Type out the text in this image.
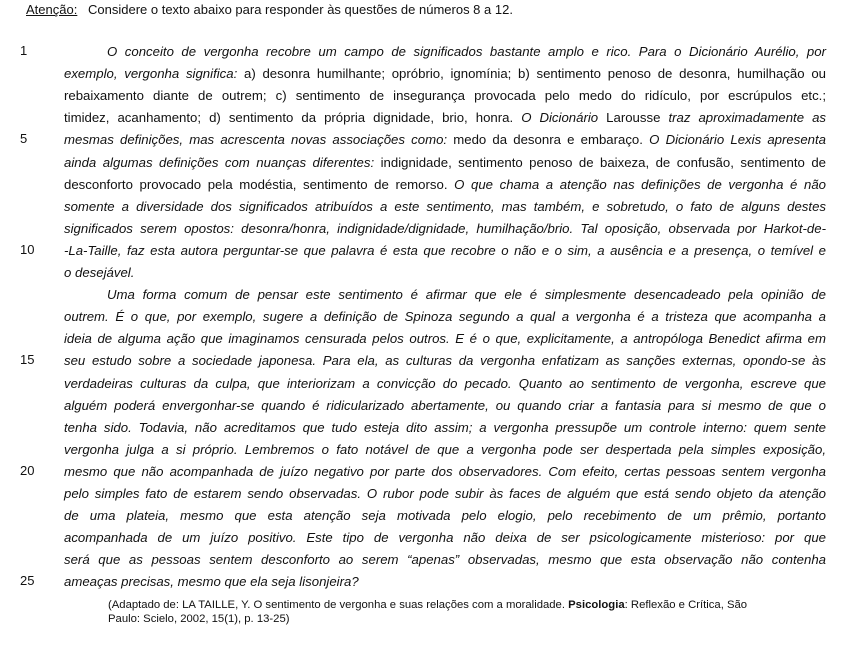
Atenção: Considere o texto abaixo para responder às questões de números 8 a 12.
1
5
10
15
20
25
O conceito de vergonha recobre um campo de significados bastante amplo e rico. Para o Dicionário Aurélio, por
exemplo, vergonha significa: a) desonra humilhante; opróbrio, ignomínia; b) sentimento penoso de desonra, humilhação ou
rebaixamento diante de outrem; c) sentimento de insegurança provocada pelo medo do ridículo, por escrúpulos etc.;
timidez, acanhamento; d) sentimento da própria dignidade, brio, honra. O Dicionário Larousse traz aproximadamente as
mesmas definições, mas acrescenta novas associações como: medo da desonra e embaraço. O Dicionário Lexis apresenta
ainda algumas definições com nuanças diferentes: indignidade, sentimento penoso de baixeza, de confusão, sentimento de
desconforto provocado pela modéstia, sentimento de remorso. O que chama a atenção nas definições de vergonha é não
somente a diversidade dos significados atribuídos a este sentimento, mas também, e sobretudo, o fato de alguns destes
significados serem opostos: desonra/honra, indignidade/dignidade, humilhação/brio. Tal oposição, observada por Harkot-de-
-La-Taille, faz esta autora perguntar-se que palavra é esta que recobre o não e o sim, a ausência e a presença, o temível e
o desejável.
Uma forma comum de pensar este sentimento é afirmar que ele é simplesmente desencadeado pela opinião de
outrem. É o que, por exemplo, sugere a definição de Spinoza segundo a qual a vergonha é a tristeza que acompanha a
ideia de alguma ação que imaginamos censurada pelos outros. E é o que, explicitamente, a antropóloga Benedict afirma em
seu estudo sobre a sociedade japonesa. Para ela, as culturas da vergonha enfatizam as sanções externas, opondo-se às
verdadeiras culturas da culpa, que interiorizam a convicção do pecado. Quanto ao sentimento de vergonha, escreve que
alguém poderá envergonhar-se quando é ridicularizado abertamente, ou quando criar a fantasia para si mesmo de que o
tenha sido. Todavia, não acreditamos que tudo esteja dito assim; a vergonha pressupõe um controle interno: quem sente
vergonha julga a si próprio. Lembremos o fato notável de que a vergonha pode ser despertada pela simples exposição,
mesmo que não acompanhada de juízo negativo por parte dos observadores. Com efeito, certas pessoas sentem vergonha
pelo simples fato de estarem sendo observadas. O rubor pode subir às faces de alguém que está sendo objeto da atenção
de uma plateia, mesmo que esta atenção seja motivada pelo elogio, pelo recebimento de um prêmio, portanto
acompanhada de um juízo positivo. Este tipo de vergonha não deixa de ser psicologicamente misterioso: por que
será que as pessoas sentem desconforto ao serem “apenas” observadas, mesmo que esta observação não contenha
ameaças precisas, mesmo que ela seja lisonjeira?
(Adaptado de: LA TAILLE, Y. O sentimento de vergonha e suas relações com a moralidade. Psicologia: Reflexão e Crítica, São
Paulo: Scielo, 2002, 15(1), p. 13-25)
